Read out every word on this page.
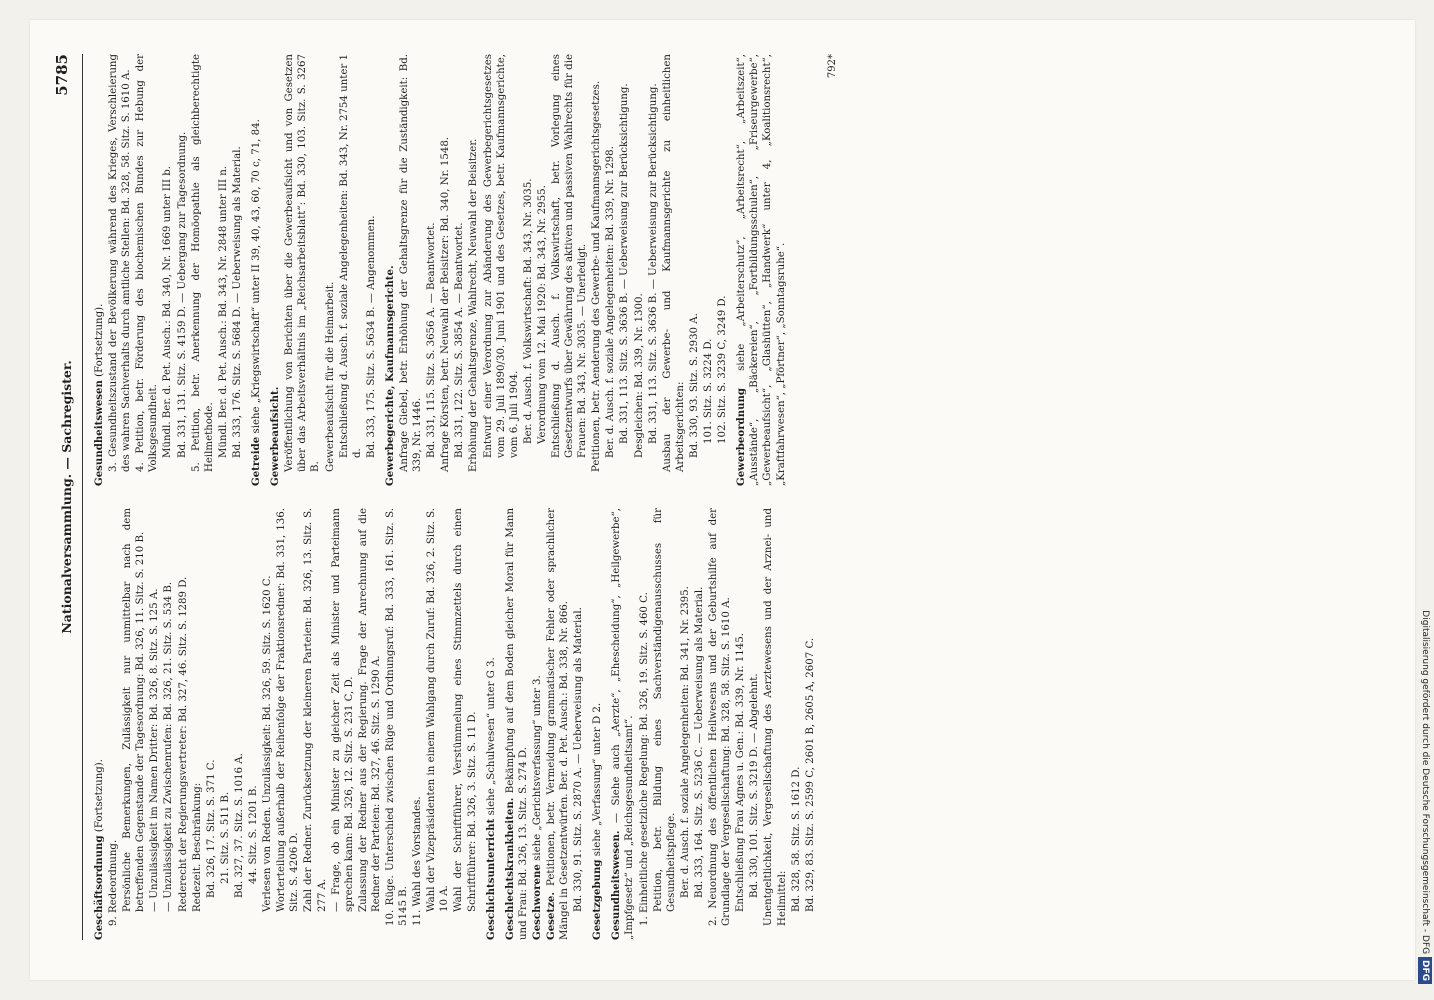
Nationalversammlung. — Sachregister.
5785

Geschäftsordnung (Fortsetzung).

9. Redeordnung. Persönliche Bemerkungen, Zulässigkeit nur unmittelbar nach dem betreffenden Gegenstande der Tagesordnung: Bd. 326, 11. Sitz. S. 210 B. — Unzulässigkeit im Namen Dritter: Bd. 326, 8. Sitz. S. 125 A. — Unzulässigkeit zu Zwischenrufen: Bd. 326, 21. Sitz. S. 534 B. Rederecht der Regierungsvertreter: Bd. 327, 46. Sitz. S. 1289 D. Redezeit. Beschränkung: Bd. 326, 17. Sitz. S. 371 C. 21. Sitz. S. 511 B. Bd. 327, 37. Sitz. S. 1016 A. 44. Sitz. S. 1201 B. Verlesen von Reden. Unzulässigkeit: Bd. 326, 59. Sitz. S. 1620 C. Worterteilung außerhalb der Reihenfolge der Fraktionsredner: Bd. 331, 136. Sitz. S. 4206 D. Zahl der Redner. Zurücksetzung der kleineren Parteien: Bd. 326, 13. Sitz. S. 277 A. — Frage, ob ein Minister zu gleicher Zeit als Minister und Parteimann sprechen kann: Bd. 326, 12. Sitz. S. 231 C, D. Zulassung der Redner aus der Regierung. Frage der Anrechnung auf die Redner der Parteien: Bd. 327, 46. Sitz. S. 1290 A. 10. Rüge. Unterschied zwischen Rüge und Ordnungsruf: Bd. 333, 161. Sitz. S. 5145 B. 11. Wahl des Vorstandes. Wahl der Vizepräsidenten in einem Wahlgang durch Zuruf: Bd. 326, 2. Sitz. S. 10 A. Wahl der Schriftführer, Verstümmelung eines Stimmzettels durch einen Schriftführer: Bd. 326, 3. Sitz. S. 11 D. Geschichtsunterricht siehe „Schulwesen“ unter G 3.

Geschlechtskrankheiten. Bekämpfung auf dem Boden gleicher Moral für Mann und Frau: Bd. 326, 13. Sitz. S. 274 D. Geschworene siehe „Gerichtsverfassung“ unter 3.

Gesetze. Petitionen, betr. Vermeidung grammatischer Fehler oder sprachlicher Mängel in Gesetzentwürfen. Ber. d. Pet. Ausch.: Bd. 338, Nr. 866. Bd. 330, 91. Sitz. S. 2870 A. — Ueberweisung als Material. Gesetzgebung siehe „Verfassung“ unter D 2.

Gesundheitswesen. — Siehe auch „Aerzte“, „Ehescheidung“, „Heilgewerbe“, „Impfgesetz“ und „Reichsgesundheitsamt“. 1. Einheitliche gesetzliche Regelung: Bd. 326, 19. Sitz. S. 460 C. Petition, betr. Bildung eines Sachverständigenausschusses für Gesundheitspflege. Ber. d. Ausch. f. soziale Angelegenheiten: Bd. 341, Nr. 2395. Bd. 333, 164. Sitz. S. 5236 C. — Ueberweisung als Material. 2. Neuordnung des öffentlichen Heilwesens und der Geburtshilfe auf der Grundlage der Vergesellschaftung: Bd. 328, 58. Sitz. S. 1610 A. Entschließung Frau Agnes u. Gen.: Bd. 339, Nr. 1145. Bd. 330, 101. Sitz. S. 3219 D. — Abgelehnt. Unentgeltlichkeit, Vergesellschaftung des Aerztewesens und der Arznei- und Heilmittel: Bd. 328, 58. Sitz. S. 1612 D. Bd. 329, 83. Sitz. S. 2599 C, 2601 B, 2605 A, 2607 C.

Gesundheitswesen (Fortsetzung). 3. Gesundheitszustand der Bevölkerung während des Krieges, Verschleierung des wahren Sachverhalts durch amtliche Stellen: Bd. 328, 58. Sitz. S. 1610 A. 4. Petition, betr. Förderung des biochemischen Bundes zur Hebung der Volksgesundheit. Mündl. Ber. d. Pet. Ausch.: Bd. 340, Nr. 1669 unter III b. Bd. 331, 131. Sitz. S. 4159 D. — Uebergang zur Tagesordnung. 5. Petition, betr. Anerkennung der Homöopathie als gleichberechtigte Heilmethode. Mündl. Ber. d. Pet. Ausch.: Bd. 343, Nr. 2848 unter III n. Bd. 333, 176. Sitz. S. 5684 D. — Ueberweisung als Material.

Getreide siehe „Kriegswirtschaft“ unter II 39, 40, 43, 60, 70 c, 71, 84.

Gewerbeaufsicht. Veröffentlichung von Berichten über die Gewerbeaufsicht und von Gesetzen über das Arbeitsverhältnis im „Reichsarbeitsblatt“: Bd. 330, 103. Sitz. S. 3267 B. Gewerbeaufsicht für die Heimarbeit. Entschließung d. Ausch. f. soziale Angelegenheiten: Bd. 343, Nr. 2754 unter 1 d. Bd. 333, 175. Sitz. S. 5634 B. — Angenommen. Gewerbegerichte, Kaufmannsgerichte. Anfrage Giebel, betr. Erhöhung der Gehaltsgrenze für die Zuständigkeit: Bd. 339, Nr. 1446. Bd. 331, 115. Sitz. S. 3656 A. — Beantwortet. Anfrage Körsten, betr. Neuwahl der Beisitzer: Bd. 340, Nr. 1548. Bd. 331, 122. Sitz. S. 3854 A. — Beantwortet. Erhöhung der Gehaltsgrenze, Wahlrecht, Neuwahl der Beisitzer. Entwurf einer Verordnung zur Abänderung des Gewerbegerichtsgesetzes vom 29. Juli 1890/30. Juni 1901 und des Gesetzes, betr. Kaufmannsgerichte, vom 6. Juli 1904. Ber. d. Ausch. f. Volkswirtschaft: Bd. 343, Nr. 3035. Verordnung vom 12. Mai 1920: Bd. 343, Nr. 2955. Entschließung d. Ausch. f. Volkswirtschaft, betr. Vorlegung eines Gesetzentwurfs über Gewährung des aktiven und passiven Wahlrechts für die Frauen: Bd. 343, Nr. 3035. — Unerledigt. Petitionen, betr. Aenderung des Gewerbe- und Kaufmannsgerichtsgesetzes. Ber. d. Ausch. f. soziale Angelegenheiten: Bd. 339, Nr. 1298. Bd. 331, 113. Sitz. S. 3636 B. — Ueberweisung zur Berücksichtigung. Desgleichen: Bd. 339, Nr. 1300. Bd. 331, 113. Sitz. S. 3636 B. — Ueberweisung zur Berücksichtigung. Ausbau der Gewerbe- und Kaufmannsgerichte zu einheitlichen Arbeitsgerichten: Bd. 330, 93. Sitz. S. 2930 A. 101. Sitz. S. 3224 D. 102. Sitz. S. 3239 C, 3249 D. Gewerbeordnung siehe „Arbeiterschutz“, „Arbeitsrecht“, „Arbeitszeit“, „Ausstände“, „Bäckereien“, „Fortbildungsschulen“, „Friseurgewerbe“, „Gewerbeaufsicht“, „Glashütten“, „Handwerk“ unter 4, „Koalitionsrecht“, „Kraftfahrwesen“, „Pförtner“, „Sonntagsruhe“.

792*
Digitalisierung gefördert durch die Deutsche Forschungsgemeinschaft - DFG DFG
